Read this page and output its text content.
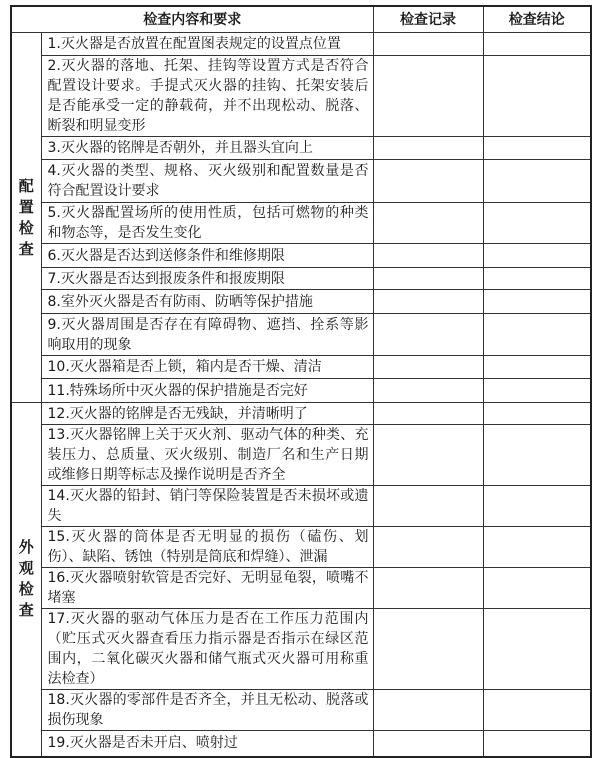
检查内容和要求		检查记录	检查结论
配置检查	1.灭火器是否放置在配置图表规定的设置点位置		
	2.灭火器的落地、托架、挂钩等设置方式是否符合配置设计要求。手提式灭火器的挂钩、托架安装后是否能承受一定的静载荷，并不出现松动、脱落、断裂和明显变形		
	3.灭火器的铭牌是否朝外，并且器头宜向上		
	4.灭火器的类型、规格、灭火级别和配置数量是否符合配置设计要求		
	5.灭火器配置场所的使用性质，包括可燃物的种类和物态等，是否发生变化		
	6.灭火器是否达到送修条件和维修期限		
	7.灭火器是否达到报废条件和报废期限		
	8.室外灭火器是否有防雨、防晒等保护措施		
	9.灭火器周围是否存在有障碍物、遮挡、拴系等影响取用的现象		
	10.灭火器箱是否上锁，箱内是否干燥、清洁		
	11.特殊场所中灭火器的保护措施是否完好		
外观检查	12.灭火器的铭牌是否无残缺，并清晰明了		
	13.灭火器铭牌上关于灭火剂、驱动气体的种类、充装压力、总质量、灭火级别、制造厂名和生产日期或维修日期等标志及操作说明是否齐全		
	14.灭火器的铅封、销闩等保险装置是否未损坏或遗失		
	15.灭火器的筒体是否无明显的损伤（磕伤、划伤）、缺陷、锈蚀（特别是筒底和焊缝）、泄漏		
	16.灭火器喷射软管是否完好、无明显龟裂，喷嘴不堵塞		
	17.灭火器的驱动气体压力是否在工作压力范围内（贮压式灭火器查看压力指示器是否指示在绿区范围内，二氧化碳灭火器和储气瓶式灭火器可用称重法检查）		
	18.灭火器的零部件是否齐全，并且无松动、脱落或损伤现象		
	19.灭火器是否未开启、喷射过		
